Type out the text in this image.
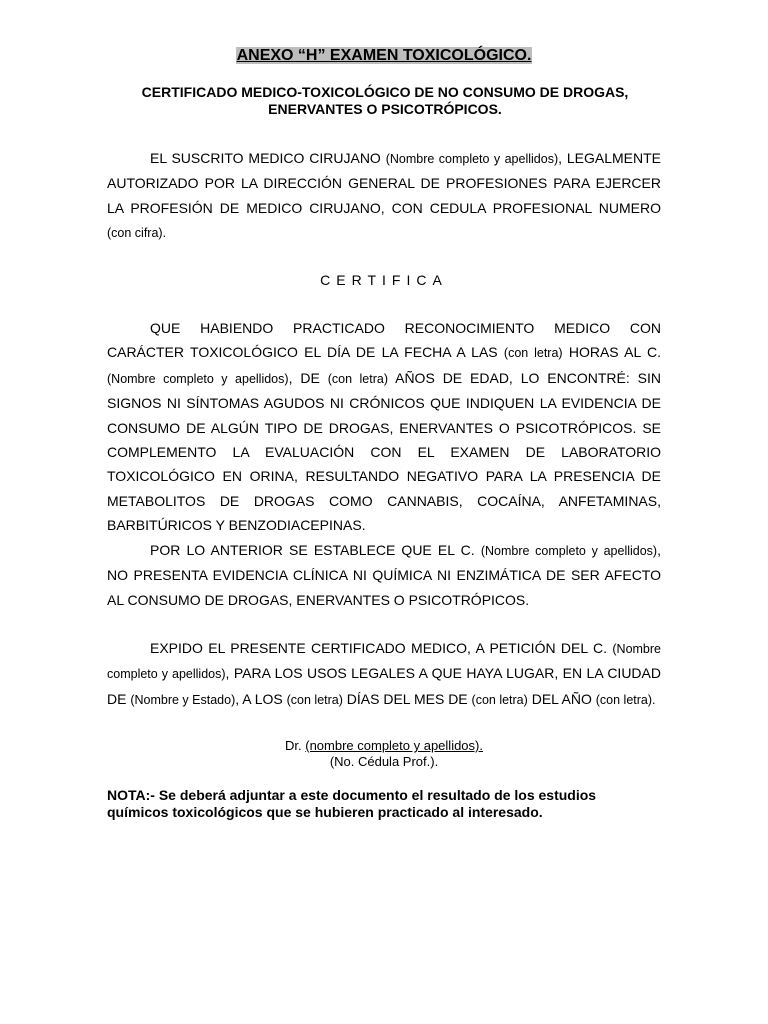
ANEXO “H” EXAMEN TOXICOLÓGICO.
CERTIFICADO MEDICO-TOXICOLÓGICO DE NO CONSUMO DE DROGAS,
ENERVANTES O PSICOTRÓPICOS.

EL SUSCRITO MEDICO CIRUJANO (Nombre completo y apellidos), LEGALMENTE AUTORIZADO POR LA DIRECCIÓN GENERAL DE PROFESIONES PARA EJERCER LA PROFESIÓN DE MEDICO CIRUJANO, CON CEDULA PROFESIONAL NUMERO (con cifra).

CERTIFICA

QUE HABIENDO PRACTICADO RECONOCIMIENTO MEDICO CON CARÁCTER TOXICOLÓGICO EL DÍA DE LA FECHA A LAS (con letra) HORAS AL C. (Nombre completo y apellidos), DE (con letra) AÑOS DE EDAD, LO ENCONTRÉ: SIN SIGNOS NI SÍNTOMAS AGUDOS NI CRÓNICOS QUE INDIQUEN LA EVIDENCIA DE CONSUMO DE ALGÚN TIPO DE DROGAS, ENERVANTES O PSICOTRÓPICOS. SE COMPLEMENTO LA EVALUACIÓN CON EL EXAMEN DE LABORATORIO TOXICOLÓGICO EN ORINA, RESULTANDO NEGATIVO PARA LA PRESENCIA DE METABOLITOS DE DROGAS COMO CANNABIS, COCAÍNA, ANFETAMINAS, BARBITÚRICOS Y BENZODIACEPINAS.

POR LO ANTERIOR SE ESTABLECE QUE EL C. (Nombre completo y apellidos), NO PRESENTA EVIDENCIA CLÍNICA NI QUÍMICA NI ENZIMÁTICA DE SER AFECTO AL CONSUMO DE DROGAS, ENERVANTES O PSICOTRÓPICOS.

EXPIDO EL PRESENTE CERTIFICADO MEDICO, A PETICIÓN DEL C. (Nombre completo y apellidos), PARA LOS USOS LEGALES A QUE HAYA LUGAR, EN LA CIUDAD DE (Nombre y Estado), A LOS (con letra) DÍAS DEL MES DE (con letra) DEL AÑO (con letra).

Dr. (nombre completo y apellidos).
(No. Cédula Prof.).

NOTA:- Se deberá adjuntar a este documento el resultado de los estudios químicos toxicológicos que se hubieren practicado al interesado.
